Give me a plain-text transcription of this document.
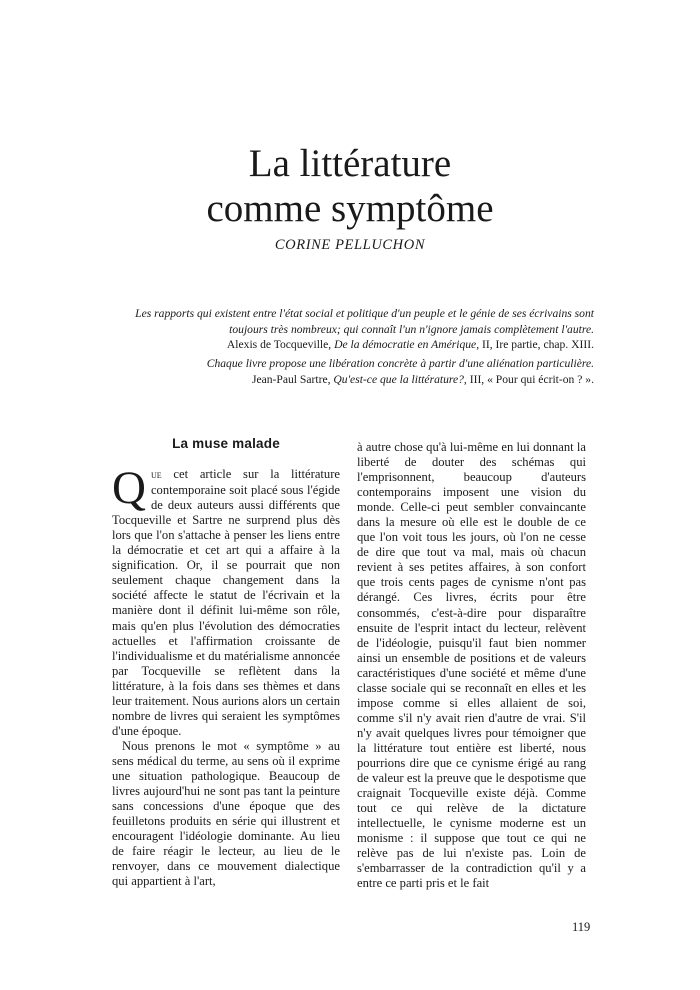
La littérature
comme symptôme
CORINE PELLUCHON
Les rapports qui existent entre l'état social et politique d'un peuple et le génie de ses écrivains sont toujours très nombreux; qui connaît l'un n'ignore jamais complètement l'autre.
Alexis de Tocqueville, De la démocratie en Amérique, II, Ire partie, chap. XIII.
Chaque livre propose une libération concrète à partir d'une aliénation particulière.
Jean-Paul Sartre, Qu'est-ce que la littérature?, III, « Pour qui écrit-on ? ».
La muse malade

Que cet article sur la littérature contemporaine soit placé sous l'égide de deux auteurs aussi différents que Tocqueville et Sartre ne surprend plus dès lors que l'on s'attache à penser les liens entre la démocratie et cet art qui a affaire à la signification. Or, il se pourrait que non seulement chaque changement dans la société affecte le statut de l'écrivain et la manière dont il définit lui-même son rôle, mais qu'en plus l'évolution des démocraties actuelles et l'affirmation croissante de l'individualisme et du matérialisme annoncée par Tocqueville se reflètent dans la littérature, à la fois dans ses thèmes et dans leur traitement. Nous aurions alors un certain nombre de livres qui seraient les symptômes d'une époque.

Nous prenons le mot « symptôme » au sens médical du terme, au sens où il exprime une situation pathologique. Beaucoup de livres aujourd'hui ne sont pas tant la peinture sans concessions d'une époque que des feuilletons produits en série qui illustrent et encouragent l'idéologie dominante. Au lieu de faire réagir le lecteur, au lieu de le renvoyer, dans ce mouvement dialectique qui appartient à l'art,

à autre chose qu'à lui-même en lui donnant la liberté de douter des schémas qui l'emprisonnent, beaucoup d'auteurs contemporains imposent une vision du monde. Celle-ci peut sembler convaincante dans la mesure où elle est le double de ce que l'on voit tous les jours, où l'on ne cesse de dire que tout va mal, mais où chacun revient à ses petites affaires, à son confort que trois cents pages de cynisme n'ont pas dérangé. Ces livres, écrits pour être consommés, c'est-à-dire pour disparaître ensuite de l'esprit intact du lecteur, relèvent de l'idéologie, puisqu'il faut bien nommer ainsi un ensemble de positions et de valeurs caractéristiques d'une société et même d'une classe sociale qui se reconnaît en elles et les impose comme si elles allaient de soi, comme s'il n'y avait rien d'autre de vrai. S'il n'y avait quelques livres pour témoigner que la littérature tout entière est liberté, nous pourrions dire que ce cynisme érigé au rang de valeur est la preuve que le despotisme que craignait Tocqueville existe déjà. Comme tout ce qui relève de la dictature intellectuelle, le cynisme moderne est un monisme : il suppose que tout ce qui ne relève pas de lui n'existe pas. Loin de s'embarrasser de la contradiction qu'il y a entre ce parti pris et le fait

119
